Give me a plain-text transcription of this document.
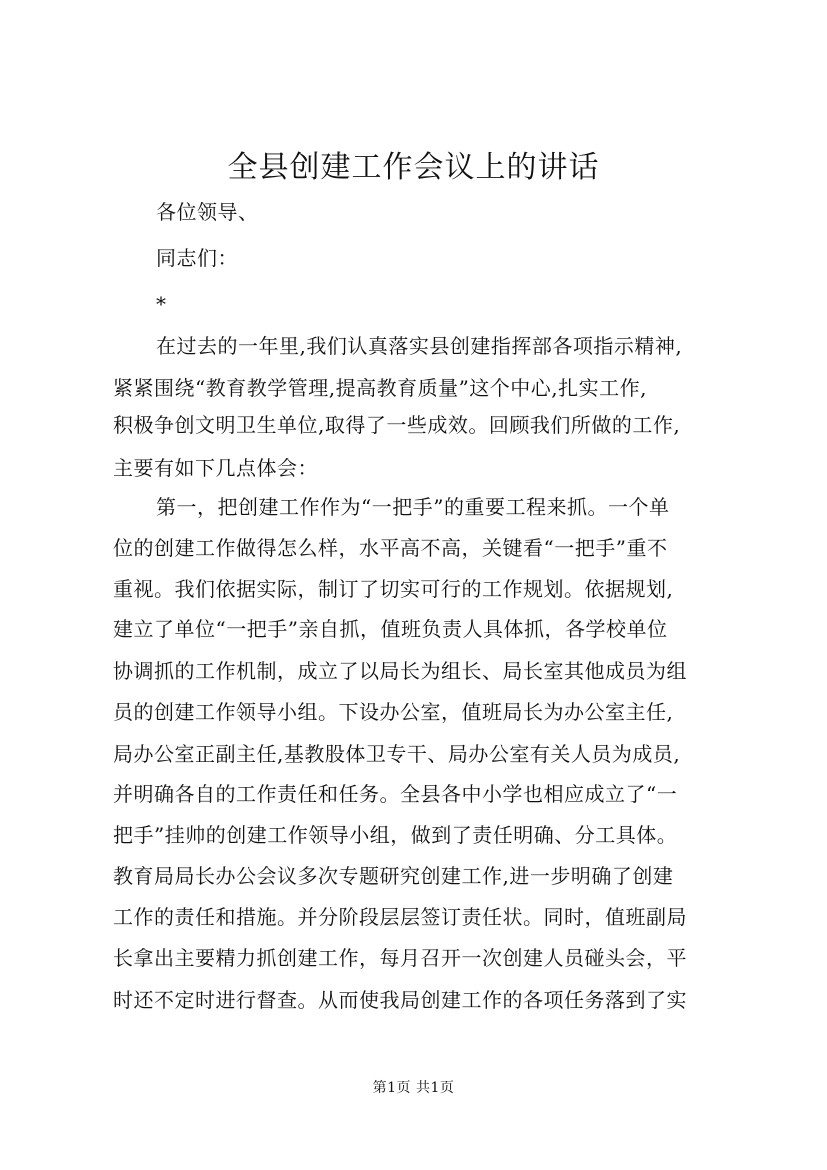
全县创建工作会议上的讲话
各位领导、
同志们：
*
在过去的一年里,我们认真落实县创建指挥部各项指示精神,
紧紧围绕“教育教学管理,提高教育质量”这个中心,扎实工作,
积极争创文明卫生单位,取得了一些成效。回顾我们所做的工作,
主要有如下几点体会：
第一，把创建工作作为“一把手”的重要工程来抓。一个单
位的创建工作做得怎么样，水平高不高，关键看“一把手”重不
重视。我们依据实际，制订了切实可行的工作规划。依据规划,
建立了单位“一把手”亲自抓，值班负责人具体抓，各学校单位
协调抓的工作机制，成立了以局长为组长、局长室其他成员为组
员的创建工作领导小组。下设办公室，值班局长为办公室主任,
局办公室正副主任,基教股体卫专干、局办公室有关人员为成员,
并明确各自的工作责任和任务。全县各中小学也相应成立了“一
把手”挂帅的创建工作领导小组，做到了责任明确、分工具体。
教育局局长办公会议多次专题研究创建工作,进一步明确了创建
工作的责任和措施。并分阶段层层签订责任状。同时，值班副局
长拿出主要精力抓创建工作，每月召开一次创建人员碰头会，平
时还不定时进行督查。从而使我局创建工作的各项任务落到了实
第1页 共1页
